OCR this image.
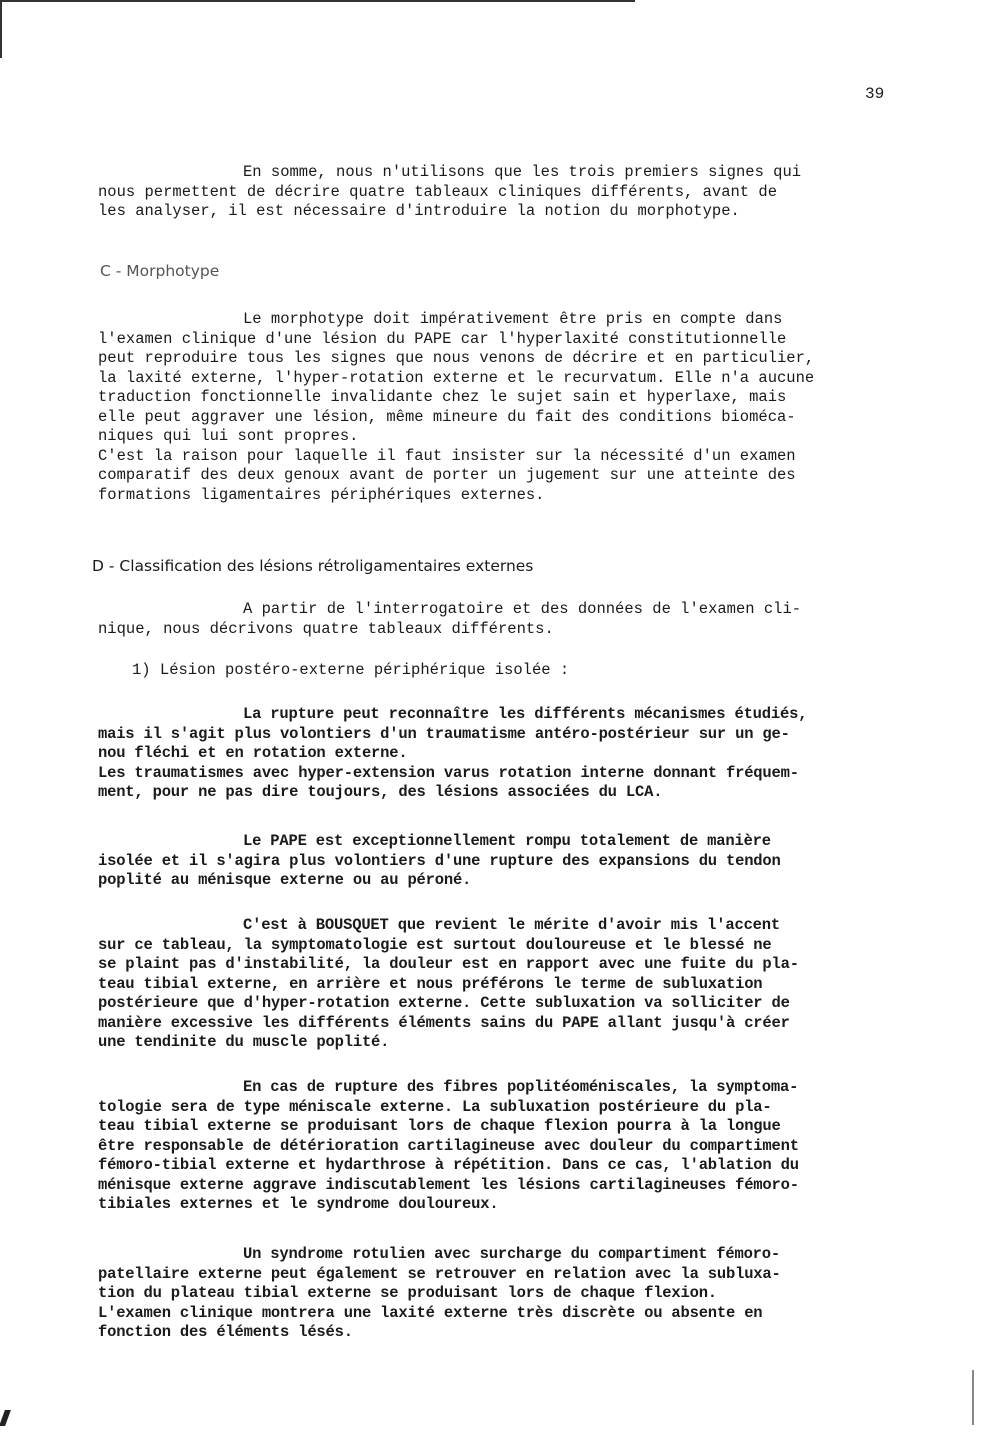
39

En somme, nous n'utilisons que les trois premiers signes qui
nous permettent de décrire quatre tableaux cliniques différents, avant de
les analyser, il est nécessaire d'introduire la notion du morphotype.

C - Morphotype

Le morphotype doit impérativement être pris en compte dans
l'examen clinique d'une lésion du PAPE car l'hyperlaxité constitutionnelle
peut reproduire tous les signes que nous venons de décrire et en particulier,
la laxité externe, l'hyper-rotation externe et le recurvatum. Elle n'a aucune
traduction fonctionnelle invalidante chez le sujet sain et hyperlaxe, mais
elle peut aggraver une lésion, même mineure du fait des conditions biomécа-
niques qui lui sont propres.
C'est la raison pour laquelle il faut insister sur la nécessité d'un examen
comparatif des deux genoux avant de porter un jugement sur une atteinte des
formations ligamentaires périphériques externes.

D - Classification des lésions rétroligamentaires externes

A partir de l'interrogatoire et des données de l'examen cli-
nique, nous décrivons quatre tableaux différents.

1) Lésion postéro-externe périphérique isolée :

La rupture peut reconnaître les différents mécanismes étudiés,
mais il s'agit plus volontiers d'un traumatisme antéro-postérieur sur un ge-
nou fléchi et en rotation externe.
Les traumatismes avec hyper-extension varus rotation interne donnant fréquem-
ment, pour ne pas dire toujours, des lésions associées du LCA.

Le PAPE est exceptionnellement rompu totalement de manière
isolée et il s'agira plus volontiers d'une rupture des expansions du tendon
poplité au ménisque externe ou au péroné.

C'est à BOUSQUET que revient le mérite d'avoir mis l'accent
sur ce tableau, la symptomatologie est surtout douloureuse et le blessé ne
se plaint pas d'instabilité, la douleur est en rapport avec une fuite du pla-
teau tibial externe, en arrière et nous préférons le terme de subluxation
postérieure que d'hyper-rotation externe. Cette subluxation va solliciter de
manière excessive les différents éléments sains du PAPE allant jusqu'à créer
une tendinite du muscle poplité.

En cas de rupture des fibres poplitéoméniscales, la symptoma-
tologie sera de type méniscale externe. La subluxation postérieure du pla-
teau tibial externe se produisant lors de chaque flexion pourra à la longue
être responsable de détérioration cartilagineuse avec douleur du compartiment
fémoro-tibial externe et hydarthrose à répétition. Dans ce cas, l'ablation du
ménisque externe aggrave indiscutablement les lésions cartilagineuses fémoro-
tibiales externes et le syndrome douloureux.

Un syndrome rotulien avec surcharge du compartiment fémoro-
patellaire externe peut également se retrouver en relation avec la subluxa-
tion du plateau tibial externe se produisant lors de chaque flexion.
L'examen clinique montrera une laxité externe très discrète ou absente en
fonction des éléments lésés.
